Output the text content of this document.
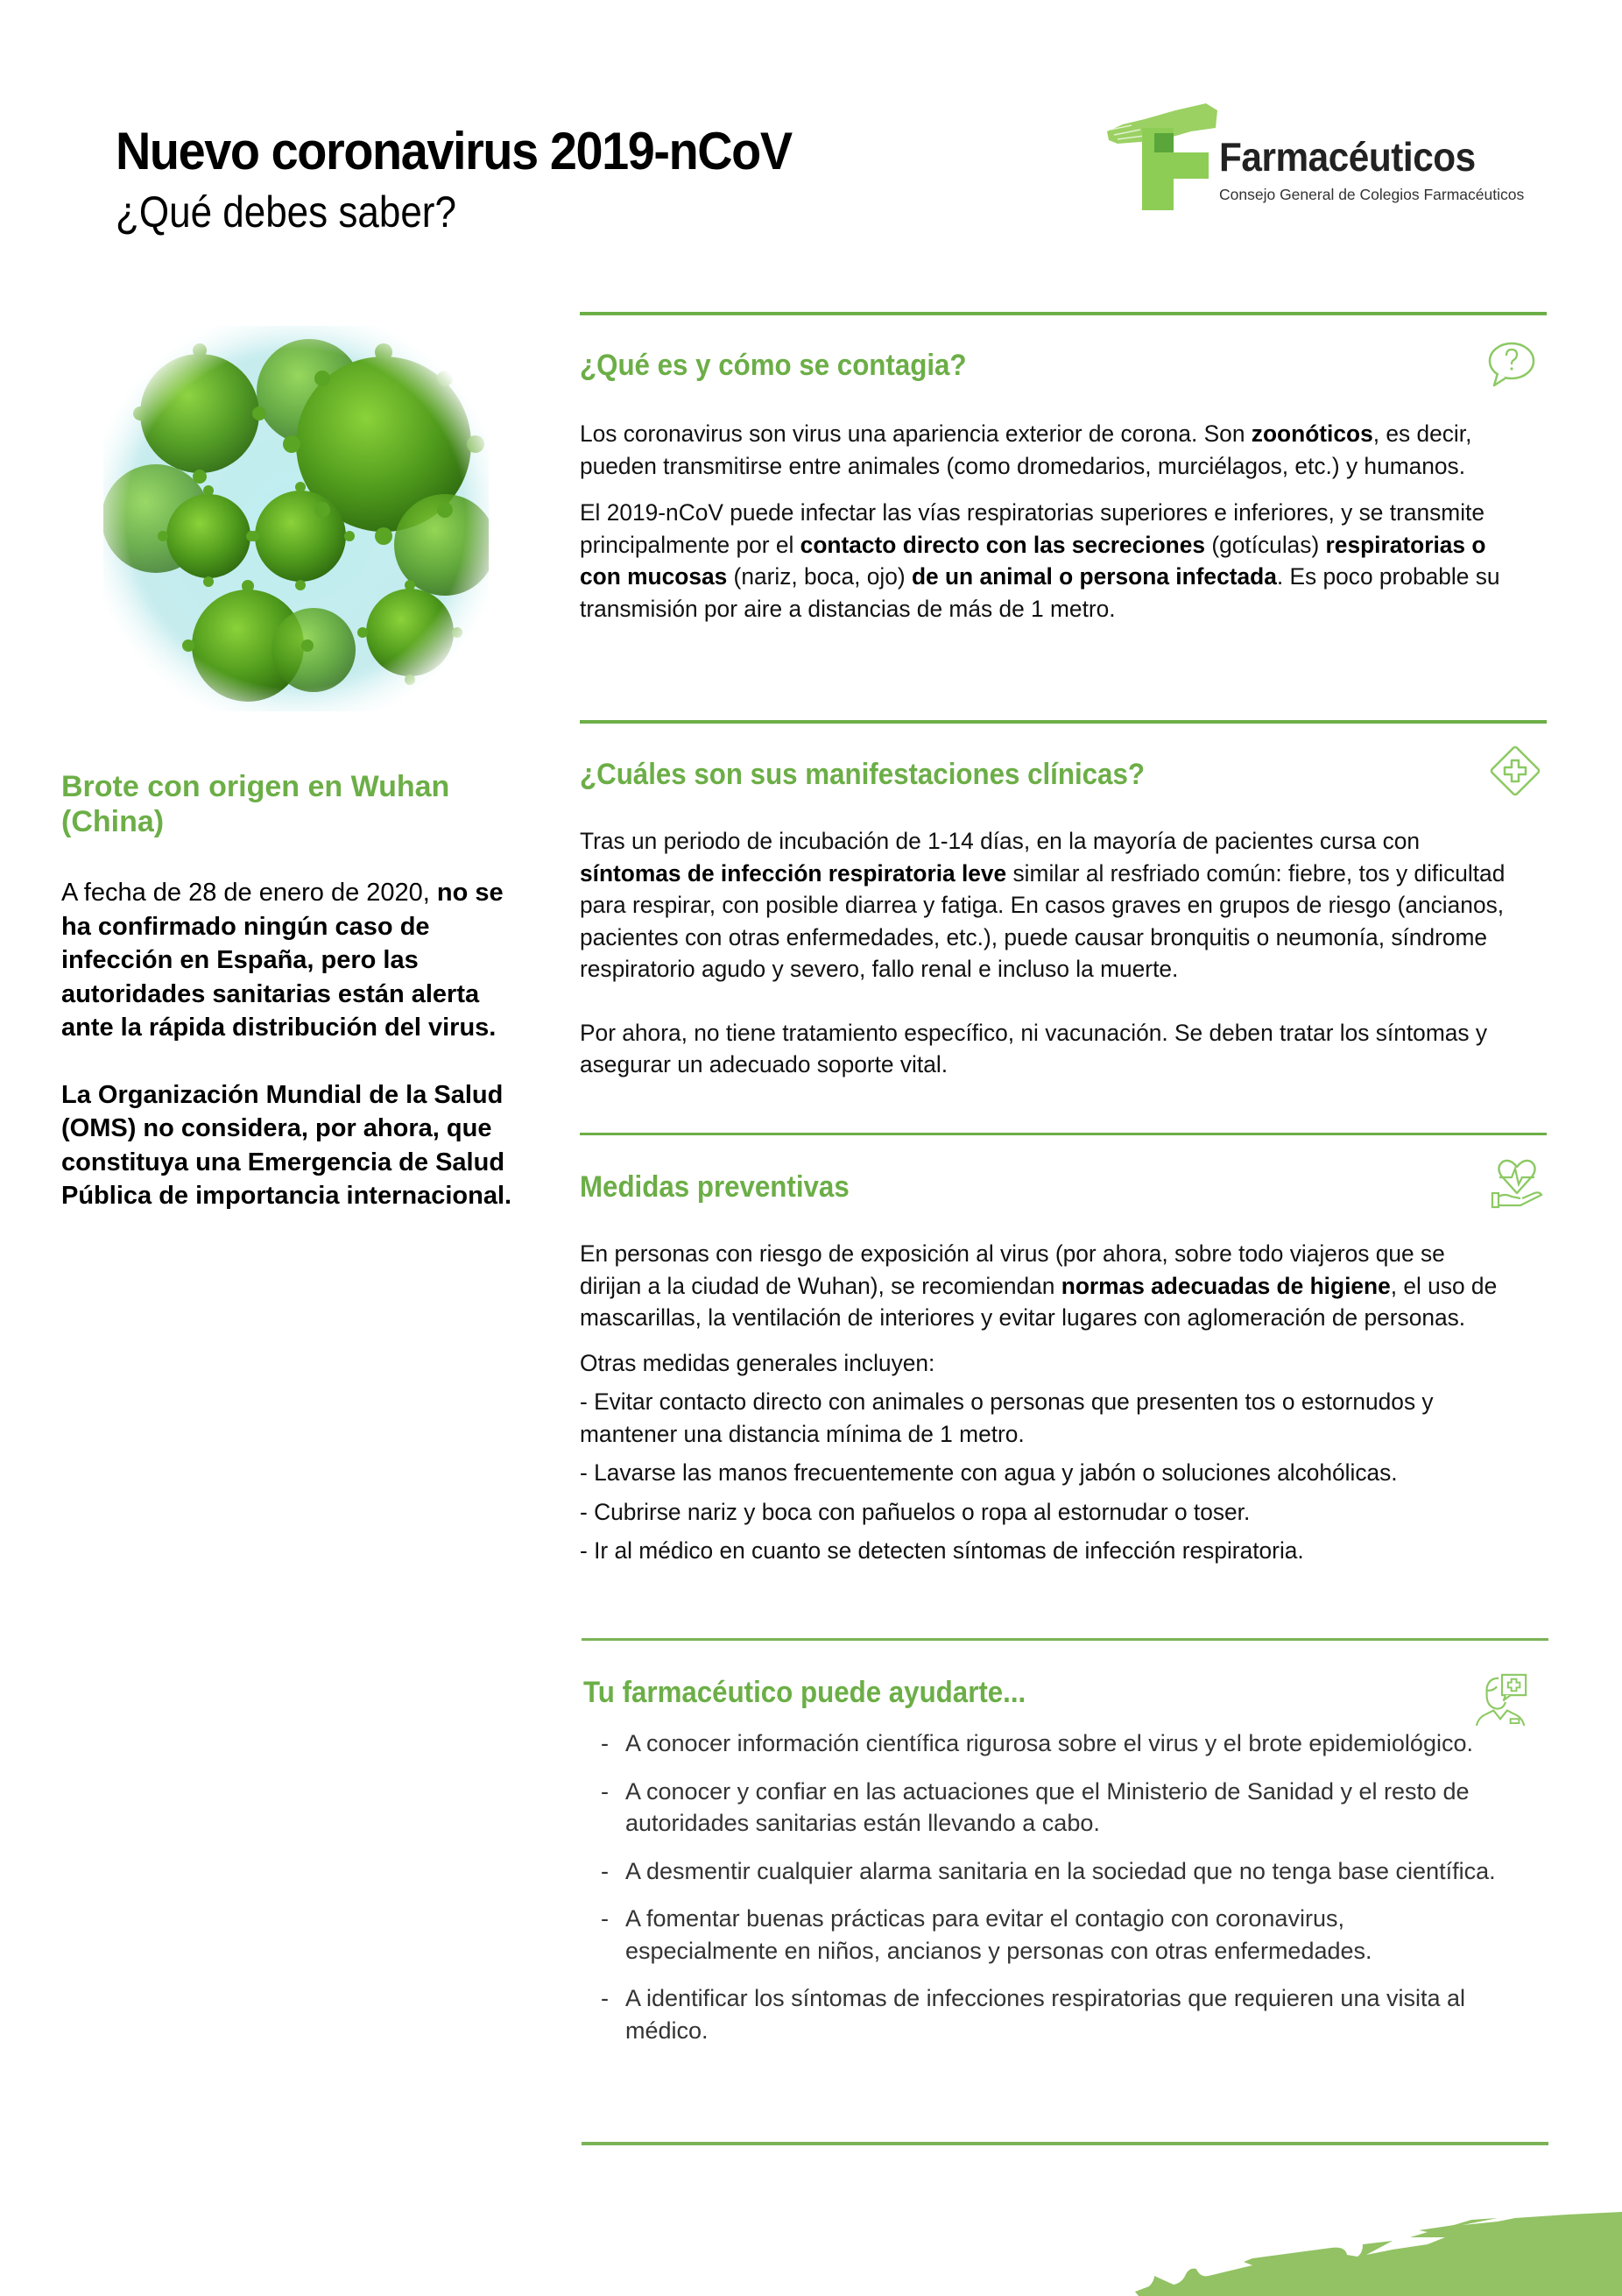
Nuevo coronavirus 2019-nCoV
¿Qué debes saber?
Farmacéuticos
Consejo General de Colegios Farmacéuticos
Brote con origen en Wuhan (China)

A fecha de 28 de enero de 2020, no se ha confirmado ningún caso de infección en España, pero las autoridades sanitarias están alerta ante la rápida distribución del virus.

La Organización Mundial de la Salud (OMS) no considera, por ahora, que constituya una Emergencia de Salud Pública de importancia internacional.

¿Qué es y cómo se contagia?

Los coronavirus son virus una apariencia exterior de corona. Son zoonóticos, es decir, pueden transmitirse entre animales (como dromedarios, murciélagos, etc.) y humanos.

El 2019-nCoV puede infectar las vías respiratorias superiores e inferiores, y se transmite principalmente por el contacto directo con las secreciones (gotículas) respiratorias o con mucosas (nariz, boca, ojo) de un animal o persona infectada. Es poco probable su transmisión por aire a distancias de más de 1 metro.

¿Cuáles son sus manifestaciones clínicas?

Tras un periodo de incubación de 1-14 días, en la mayoría de pacientes cursa con síntomas de infección respiratoria leve similar al resfriado común: fiebre, tos y dificultad para respirar, con posible diarrea y fatiga. En casos graves en grupos de riesgo (ancianos, pacientes con otras enfermedades, etc.), puede causar bronquitis o neumonía, síndrome respiratorio agudo y severo, fallo renal e incluso la muerte.

Por ahora, no tiene tratamiento específico, ni vacunación. Se deben tratar los síntomas y asegurar un adecuado soporte vital.

Medidas preventivas

En personas con riesgo de exposición al virus (por ahora, sobre todo viajeros que se dirijan a la ciudad de Wuhan), se recomiendan normas adecuadas de higiene, el uso de mascarillas, la ventilación de interiores y evitar lugares con aglomeración de personas.

Otras medidas generales incluyen:

- Evitar contacto directo con animales o personas que presenten tos o estornudos y mantener una distancia mínima de 1 metro.

- Lavarse las manos frecuentemente con agua y jabón o soluciones alcohólicas.

- Cubrirse nariz y boca con pañuelos o ropa al estornudar o toser.

- Ir al médico en cuanto se detecten síntomas de infección respiratoria.

Tu farmacéutico puede ayudarte...
- A conocer información científica rigurosa sobre el virus y el brote epidemiológico.
- A conocer y confiar en las actuaciones que el Ministerio de Sanidad y el resto de autoridades sanitarias están llevando a cabo.
- A desmentir cualquier alarma sanitaria en la sociedad que no tenga base científica.
- A fomentar buenas prácticas para evitar el contagio con coronavirus, especialmente en niños, ancianos y personas con otras enfermedades.
- A identificar los síntomas de infecciones respiratorias que requieren una visita al médico.
